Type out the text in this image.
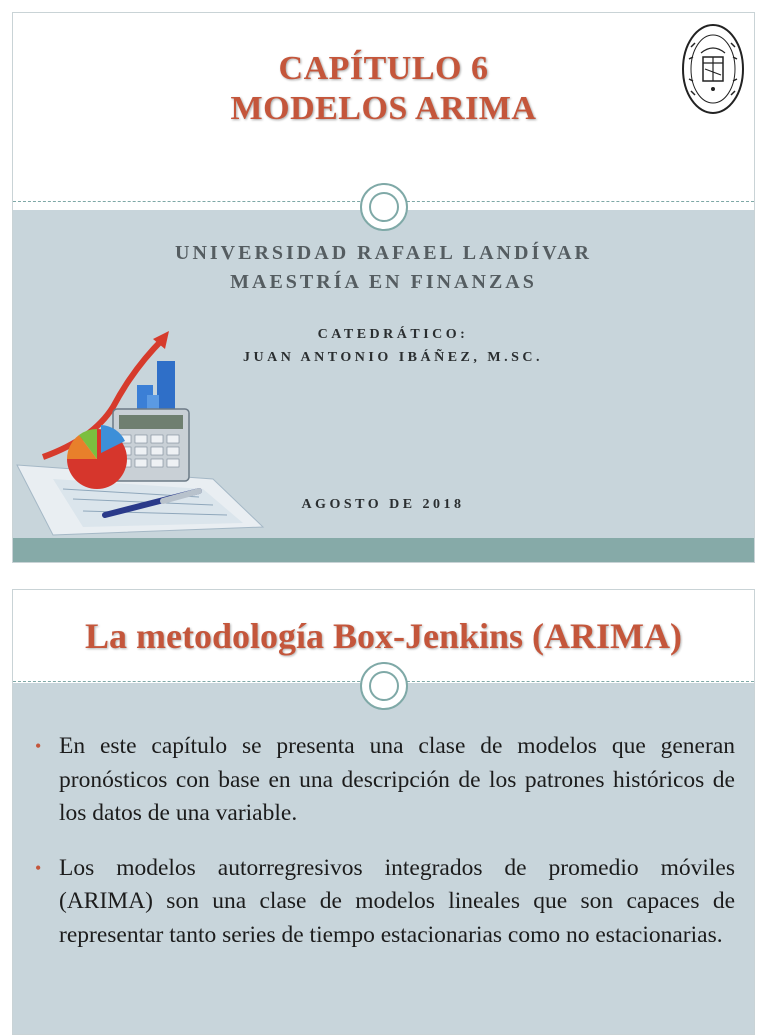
CAPÍTULO 6
MODELOS ARIMA
UNIVERSIDAD RAFAEL LANDÍVAR
MAESTRÍA EN FINANZAS
CATEDRÁTICO:
JUAN ANTONIO IBÁÑEZ, M.SC.
AGOSTO DE 2018
La metodología Box-Jenkins (ARIMA)
• En este capítulo se presenta una clase de modelos que generan pronósticos con base en una descripción de los patrones históricos de los datos de una variable.
• Los modelos autorregresivos integrados de promedio móviles (ARIMA) son una clase de modelos lineales que son capaces de representar tanto series de tiempo estacionarias como no estacionarias.
